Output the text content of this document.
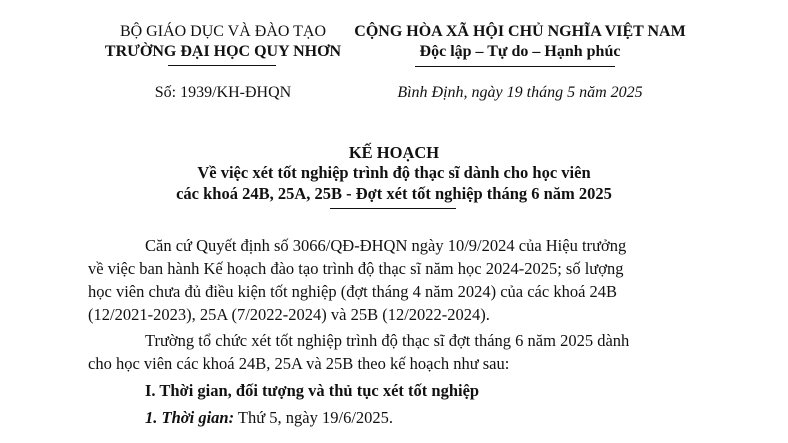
BỘ GIÁO DỤC VÀ ĐÀO TẠO
TRƯỜNG ĐẠI HỌC QUY NHƠN
CỘNG HÒA XÃ HỘI CHỦ NGHĨA VIỆT NAM
Độc lập – Tự do – Hạnh phúc
Số: 1939/KH-ĐHQN	Bình Định, ngày 19 tháng 5 năm 2025
KẾ HOẠCH
Về việc xét tốt nghiệp trình độ thạc sĩ dành cho học viên
các khoá 24B, 25A, 25B - Đợt xét tốt nghiệp tháng 6 năm 2025
Căn cứ Quyết định số 3066/QĐ-ĐHQN ngày 10/9/2024 của Hiệu trưởng
về việc ban hành Kế hoạch đào tạo trình độ thạc sĩ năm học 2024-2025; số lượng
học viên chưa đủ điều kiện tốt nghiệp (đợt tháng 4 năm 2024) của các khoá 24B
(12/2021-2023), 25A (7/2022-2024) và 25B (12/2022-2024).
Trường tổ chức xét tốt nghiệp trình độ thạc sĩ đợt tháng 6 năm 2025 dành
cho học viên các khoá 24B, 25A và 25B theo kế hoạch như sau:
I. Thời gian, đối tượng và thủ tục xét tốt nghiệp
1. Thời gian: Thứ 5, ngày 19/6/2025.
